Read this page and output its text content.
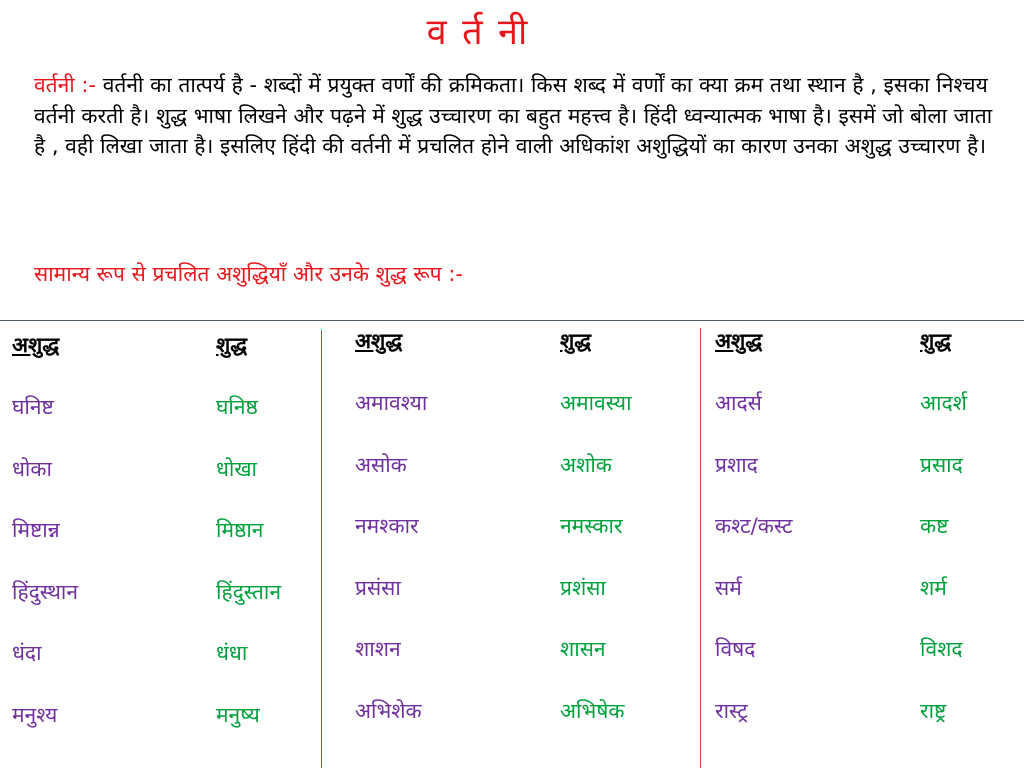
व र्त नी
वर्तनी :- वर्तनी का तात्पर्य है - शब्दों में प्रयुक्त वर्णों की क्रमिकता। किस शब्द में वर्णों का क्या क्रम तथा स्थान है , इसका निश्चय वर्तनी करती है। शुद्ध भाषा लिखने और पढ़ने में शुद्ध उच्चारण का बहुत महत्त्व है। हिंदी ध्वन्यात्मक भाषा है। इसमें जो बोला जाता है , वही लिखा जाता है। इसलिए हिंदी की वर्तनी में प्रचलित होने वाली अधिकांश अशुद्धियों का कारण उनका अशुद्ध उच्चारण है।
सामान्य रूप से प्रचलित अशुद्धियाँ और उनके शुद्ध रूप :-
अशुद्ध
घनिष्ट
धोका
मिष्टान्न
हिंदुस्थान
धंदा
मनुश्य
शुद्ध
घनिष्ठ
धोखा
मिष्ठान
हिंदुस्तान
धंधा
मनुष्य
अशुद्ध
अमावश्या
असोक
नमश्कार
प्रसंसा
शाशन
अभिशेक
शुद्ध
अमावस्या
अशोक
नमस्कार
प्रशंसा
शासन
अभिषेक
अशुद्ध
आदर्स
प्रशाद
कश्ट/कस्ट
सर्म
विषद
रास्ट्र
शुद्ध
आदर्श
प्रसाद
कष्ट
शर्म
विशद
राष्ट्र
